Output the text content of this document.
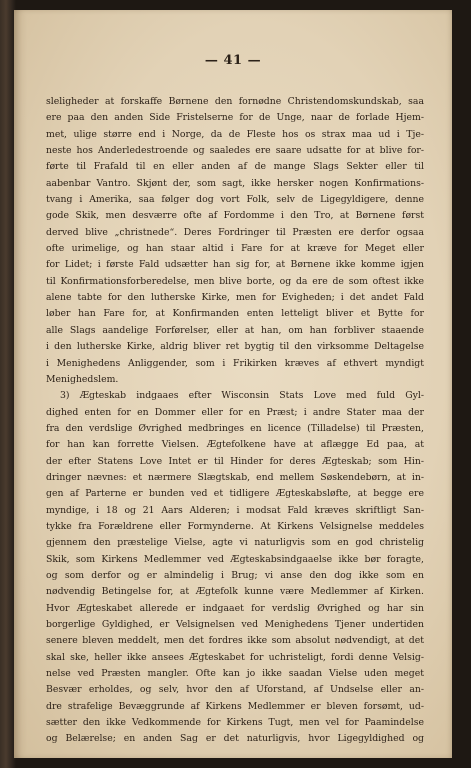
— 41 —
sleligheder at forskaffe Børnene den fornødne Christendomskundskab, saa
ere paa den anden Side Fristelserne for de Unge, naar de forlade Hjem-
met, ulige større end i Norge, da de Fleste hos os strax maa ud i Tje-
neste hos Anderledestroende og saaledes ere saare udsatte for at blive for-
førte til Frafald til en eller anden af de mange Slags Sekter eller til
aabenbar Vantro. Skjønt der, som sagt, ikke hersker nogen Konfirmations-
tvang i Amerika, saa følger dog vort Folk, selv de Ligegyldigere, denne
gode Skik, men desværre ofte af Fordomme i den Tro, at Børnene først
derved blive „christnede“. Deres Fordringer til Præsten ere derfor ogsaa
ofte urimelige, og han staar altid i Fare for at kræve for Meget eller
for Lidet; i første Fald udsætter han sig for, at Børnene ikke komme igjen
til Konfirmationsforberedelse, men blive borte, og da ere de som oftest ikke
alene tabte for den lutherske Kirke, men for Evigheden; i det andet Fald
løber han Fare for, at Konfirmanden enten letteligt bliver et Bytte for
alle Slags aandelige Forførelser, eller at han, om han forbliver staaende
i den lutherske Kirke, aldrig bliver ret bygtig til den virksomme Deltagelse
i Menighedens Anliggender, som i Frikirken kræves af ethvert myndigt
Menighedslem.
3) Ægteskab indgaaes efter Wisconsin Stats Love med fuld Gyl-
dighed enten for en Dommer eller for en Præst; i andre Stater maa der
fra den verdslige Øvrighed medbringes en licence (Tilladelse) til Præsten,
for han kan forrette Vielsen. Ægtefolkene have at aflægge Ed paa, at
der efter Statens Love Intet er til Hinder for deres Ægteskab; som Hin-
dringer nævnes: et nærmere Slægtskab, end mellem Søskendebørn, at in-
gen af Parterne er bunden ved et tidligere Ægteskabsløfte, at begge ere
myndige, i 18 og 21 Aars Alderen; i modsat Fald kræves skriftligt San-
tykke fra Forældrene eller Formynderne. At Kirkens Velsignelse meddeles
gjennem den præstelige Vielse, agte vi naturligvis som en god christelig
Skik, som Kirkens Medlemmer ved Ægteskabsindgaaelse ikke bør foragte,
og som derfor og er almindelig i Brug; vi anse den dog ikke som en
nødvendig Betingelse for, at Ægtefolk kunne være Medlemmer af Kirken.
Hvor Ægteskabet allerede er indgaaet for verdslig Øvrighed og har sin
borgerlige Gyldighed, er Velsignelsen ved Menighedens Tjener undertiden
senere bleven meddelt, men det fordres ikke som absolut nødvendigt, at det
skal ske, heller ikke ansees Ægteskabet for uchristeligt, fordi denne Velsig-
nelse ved Præsten mangler. Ofte kan jo ikke saadan Vielse uden meget
Besvær erholdes, og selv, hvor den af Uforstand, af Undselse eller an-
dre strafelige Bevæggrunde af Kirkens Medlemmer er bleven forsømt, ud-
sætter den ikke Vedkommende for Kirkens Tugt, men vel for Paamindelse
og Belærelse; en anden Sag er det naturligvis, hvor Ligegyldighed og
